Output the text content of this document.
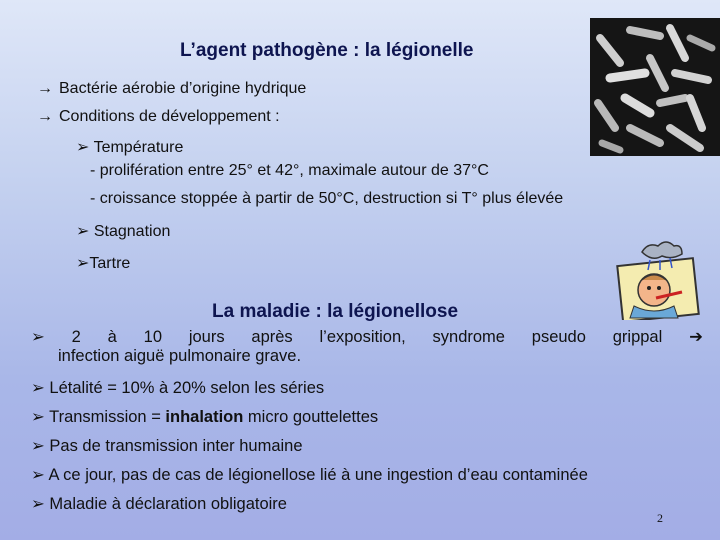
L’agent pathogène : la légionelle
→ Bactérie aérobie d’origine hydrique
→ Conditions de développement :
➢ Température
- prolifération entre 25° et 42°, maximale autour de 37°C
- croissance stoppée à partir de 50°C, destruction si T° plus élevée
➢ Stagnation
➢Tartre
La maladie : la légionellose
➢ 2 à 10 jours après l’exposition, syndrome pseudo grippal ➔
infection aiguë pulmonaire grave.
➢ Létalité = 10% à 20% selon les séries
➢ Transmission = inhalation micro gouttelettes
➢ Pas de transmission inter humaine
➢ A ce jour, pas de cas de légionellose lié à une ingestion d’eau contaminée
➢ Maladie à déclaration obligatoire
2
